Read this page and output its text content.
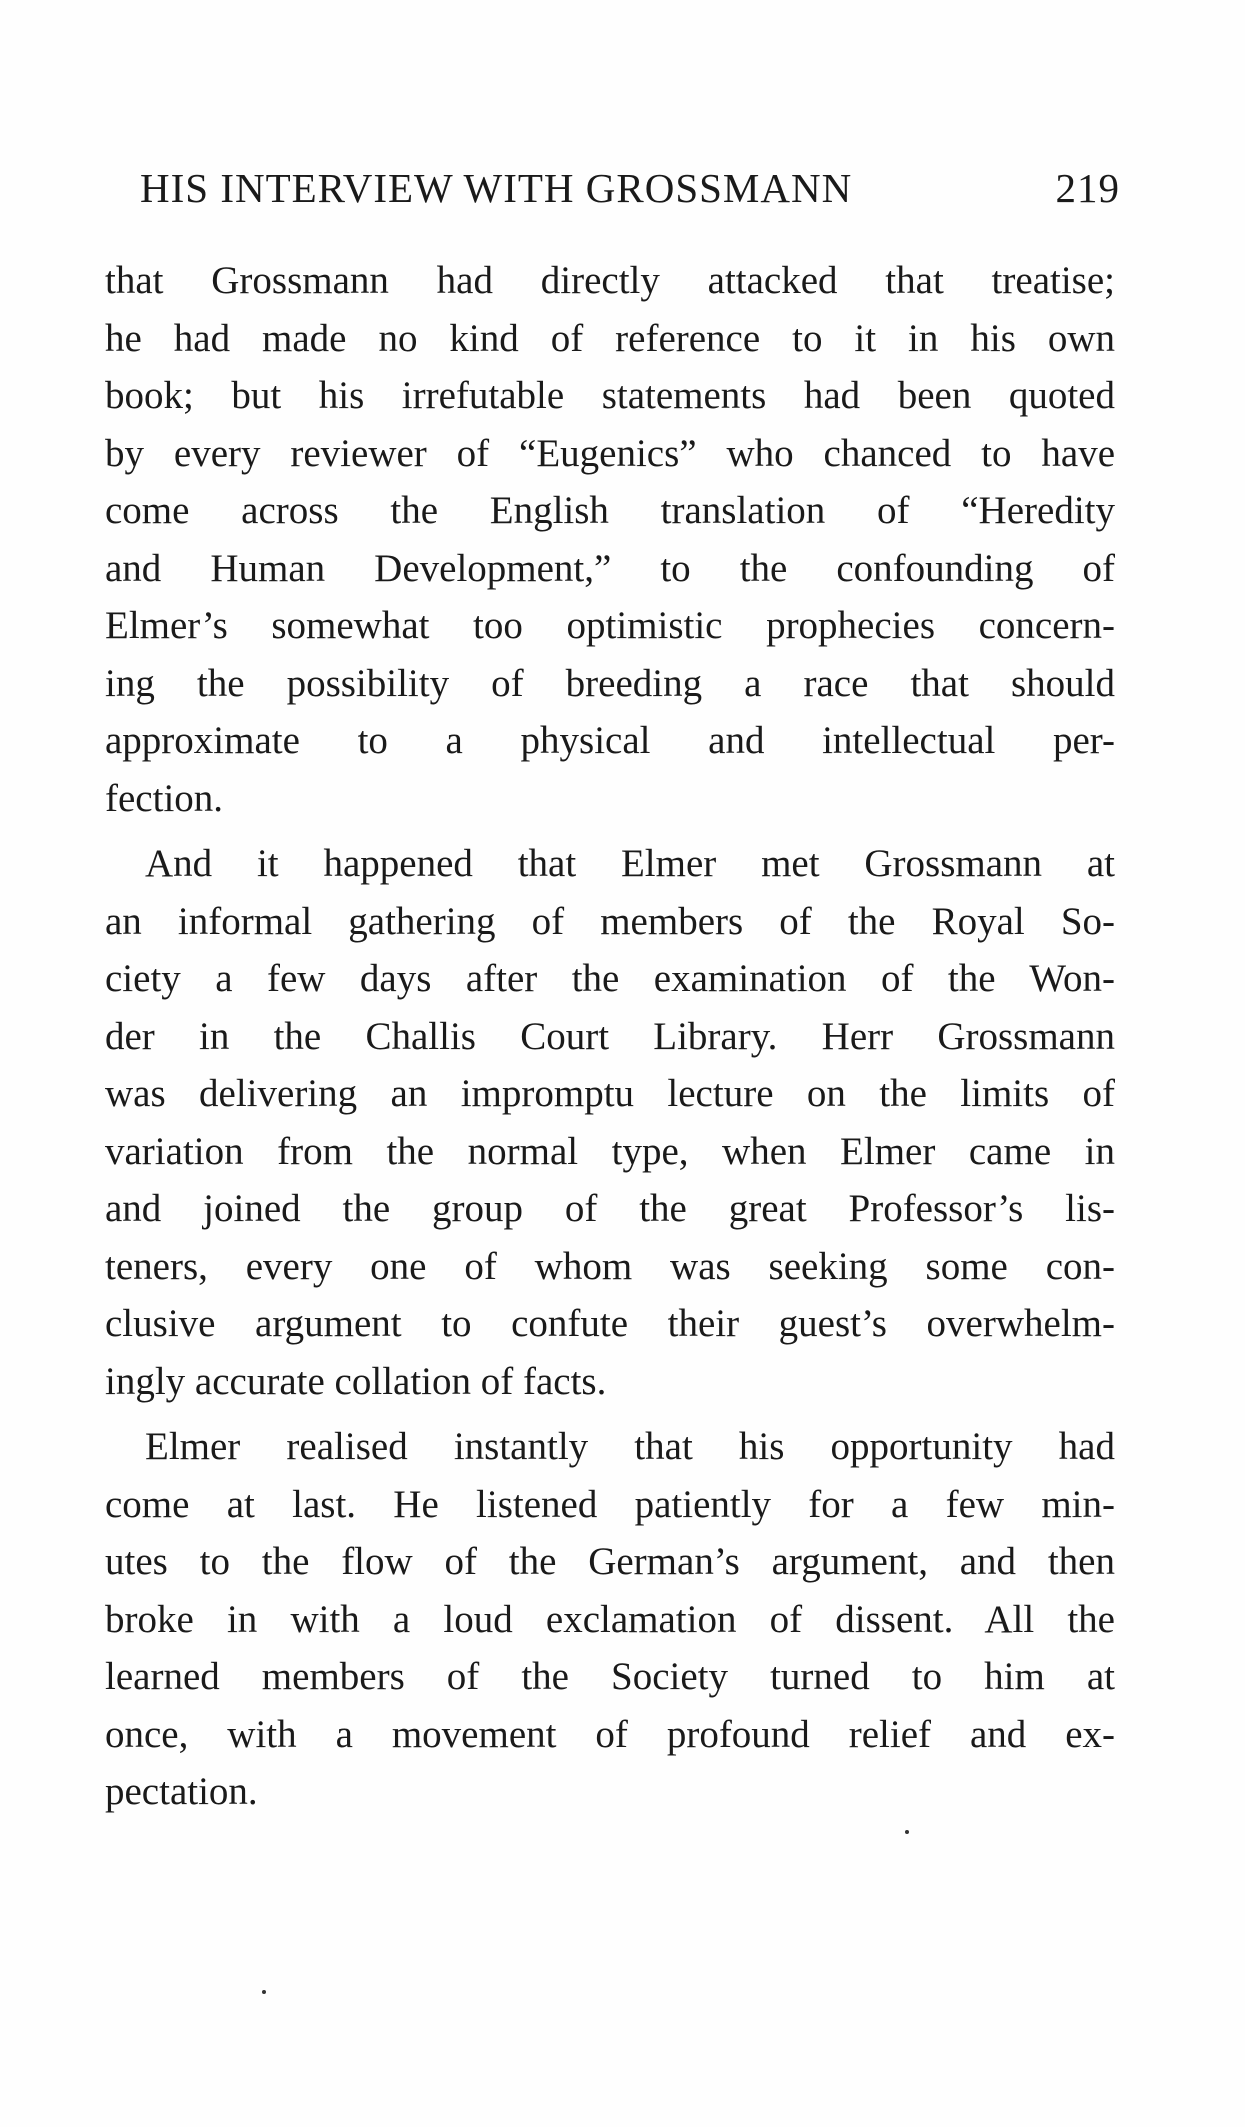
HIS INTERVIEW WITH GROSSMANN	219
that Grossmann had directly attacked that treatise;
he had made no kind of reference to it in his own
book; but his irrefutable statements had been quoted
by every reviewer of “Eugenics” who chanced to have
come across the English translation of “Heredity
and Human Development,” to the confounding of
Elmer’s somewhat too optimistic prophecies concern-
ing the possibility of breeding a race that should
approximate to a physical and intellectual per-
fection.
And it happened that Elmer met Grossmann at
an informal gathering of members of the Royal So-
ciety a few days after the examination of the Won-
der in the Challis Court Library. Herr Grossmann
was delivering an impromptu lecture on the limits of
variation from the normal type, when Elmer came in
and joined the group of the great Professor’s lis-
teners, every one of whom was seeking some con-
clusive argument to confute their guest’s overwhelm-
ingly accurate collation of facts.
Elmer realised instantly that his opportunity had
come at last. He listened patiently for a few min-
utes to the flow of the German’s argument, and then
broke in with a loud exclamation of dissent. All the
learned members of the Society turned to him at
once, with a movement of profound relief and ex-
pectation.
